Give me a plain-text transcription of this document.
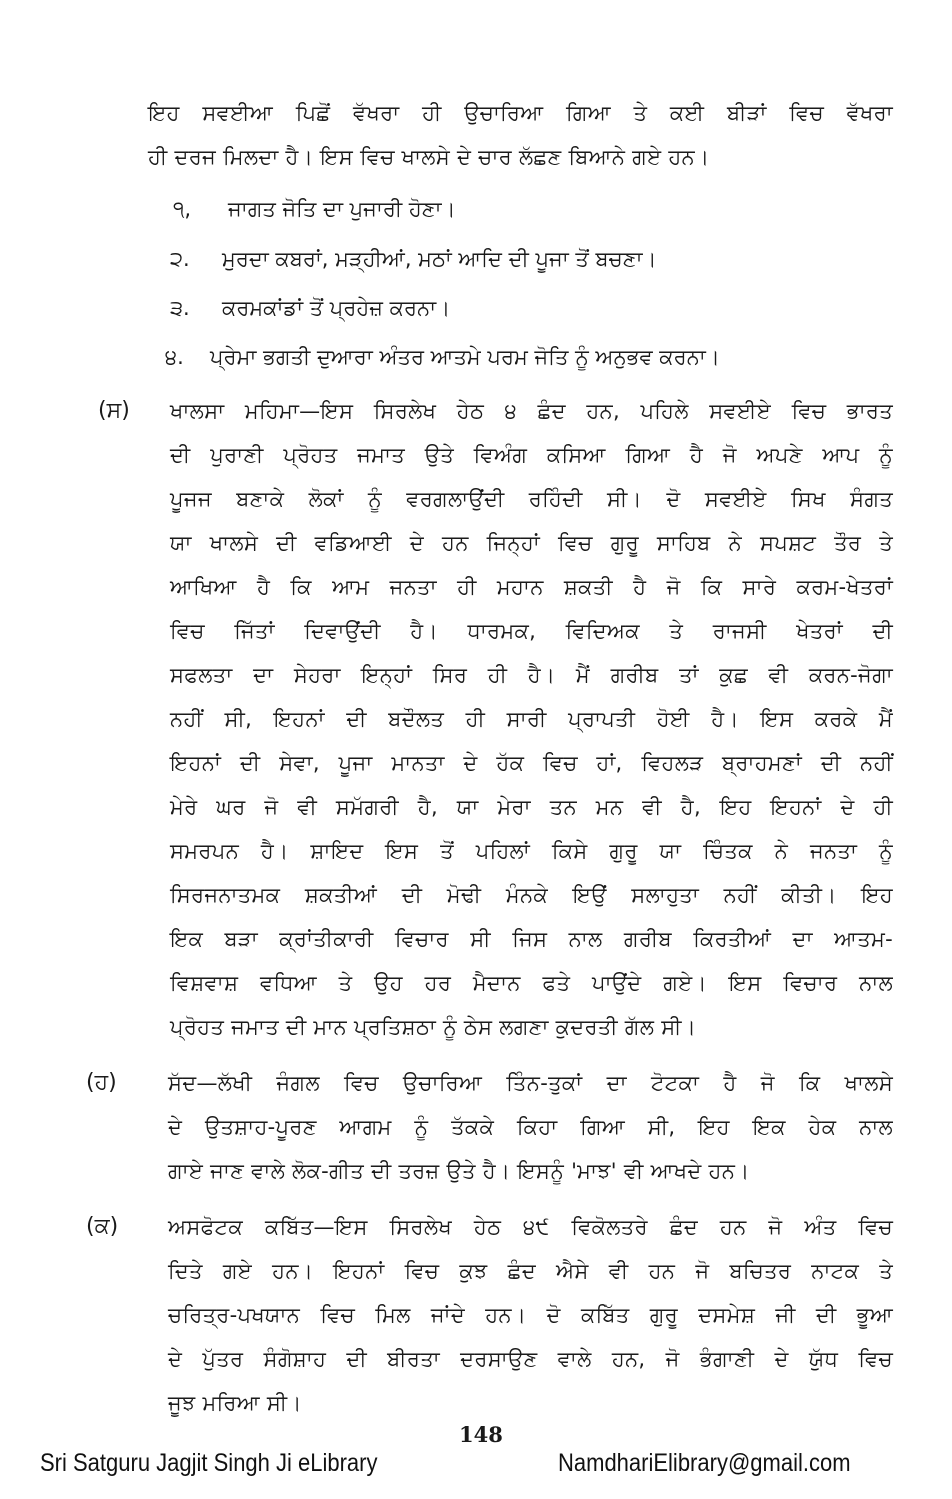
ਇਹ ਸਵਈਆ ਪਿਛੋਂ ਵੱਖਰਾ ਹੀ ਉਚਾਰਿਆ ਗਿਆ ਤੇ ਕਈ ਬੀੜਾਂ ਵਿਚ ਵੱਖਰਾ
ਹੀ ਦਰਜ ਮਿਲਦਾ ਹੈ। ਇਸ ਵਿਚ ਖਾਲਸੇ ਦੇ ਚਾਰ ਲੱਛਣ ਬਿਆਨੇ ਗਏ ਹਨ।
੧, ਜਾਗਤ ਜੋਤਿ ਦਾ ਪੁਜਾਰੀ ਹੋਣਾ।
੨. ਮੁਰਦਾ ਕਬਰਾਂ, ਮੜ੍ਹੀਆਂ, ਮਠਾਂ ਆਦਿ ਦੀ ਪੂਜਾ ਤੋਂ ਬਚਣਾ।
੩. ਕਰਮਕਾਂਡਾਂ ਤੋਂ ਪ੍ਰਹੇਜ਼ ਕਰਨਾ।
੪. ਪ੍ਰੇਮਾ ਭਗਤੀ ਦੁਆਰਾ ਅੰਤਰ ਆਤਮੇ ਪਰਮ ਜੋਤਿ ਨੂੰ ਅਨੁਭਵ ਕਰਨਾ।
(ਸ) ਖਾਲਸਾ ਮਹਿਮਾ—ਇਸ ਸਿਰਲੇਖ ਹੇਠ ੪ ਛੰਦ ਹਨ, ਪਹਿਲੇ ਸਵਈਏ ਵਿਚ ਭਾਰਤ
ਦੀ ਪੁਰਾਣੀ ਪ੍ਰੋਹਤ ਜਮਾਤ ਉਤੇ ਵਿਅੰਗ ਕਸਿਆ ਗਿਆ ਹੈ ਜੋ ਅਪਣੇ ਆਪ ਨੂੰ
ਪੂਜਜ ਬਣਾਕੇ ਲੋਕਾਂ ਨੂੰ ਵਰਗਲਾਉਂਦੀ ਰਹਿੰਦੀ ਸੀ। ਦੋ ਸਵਈਏ ਸਿਖ ਸੰਗਤ
ਯਾ ਖਾਲਸੇ ਦੀ ਵਡਿਆਈ ਦੇ ਹਨ ਜਿਨ੍ਹਾਂ ਵਿਚ ਗੁਰੂ ਸਾਹਿਬ ਨੇ ਸਪਸ਼ਟ ਤੌਰ ਤੇ
ਆਖਿਆ ਹੈ ਕਿ ਆਮ ਜਨਤਾ ਹੀ ਮਹਾਨ ਸ਼ਕਤੀ ਹੈ ਜੋ ਕਿ ਸਾਰੇ ਕਰਮ-ਖੇਤਰਾਂ
ਵਿਚ ਜਿੱਤਾਂ ਦਿਵਾਉਂਦੀ ਹੈ। ਧਾਰਮਕ, ਵਿਦਿਅਕ ਤੇ ਰਾਜਸੀ ਖੇਤਰਾਂ ਦੀ
ਸਫਲਤਾ ਦਾ ਸੇਹਰਾ ਇਨ੍ਹਾਂ ਸਿਰ ਹੀ ਹੈ। ਮੈਂ ਗਰੀਬ ਤਾਂ ਕੁਛ ਵੀ ਕਰਨ-ਜੋਗਾ
ਨਹੀਂ ਸੀ, ਇਹਨਾਂ ਦੀ ਬਦੌਲਤ ਹੀ ਸਾਰੀ ਪ੍ਰਾਪਤੀ ਹੋਈ ਹੈ। ਇਸ ਕਰਕੇ ਮੈਂ
ਇਹਨਾਂ ਦੀ ਸੇਵਾ, ਪੂਜਾ ਮਾਨਤਾ ਦੇ ਹੱਕ ਵਿਚ ਹਾਂ, ਵਿਹਲੜ ਬ੍ਰਾਹਮਣਾਂ ਦੀ ਨਹੀਂ
ਮੇਰੇ ਘਰ ਜੋ ਵੀ ਸਮੱਗਰੀ ਹੈ, ਯਾ ਮੇਰਾ ਤਨ ਮਨ ਵੀ ਹੈ, ਇਹ ਇਹਨਾਂ ਦੇ ਹੀ
ਸਮਰਪਨ ਹੈ। ਸ਼ਾਇਦ ਇਸ ਤੋਂ ਪਹਿਲਾਂ ਕਿਸੇ ਗੁਰੂ ਯਾ ਚਿੰਤਕ ਨੇ ਜਨਤਾ ਨੂੰ
ਸਿਰਜਨਾਤਮਕ ਸ਼ਕਤੀਆਂ ਦੀ ਮੋਢੀ ਮੰਨਕੇ ਇਉਂ ਸਲਾਹੁਤਾ ਨਹੀਂ ਕੀਤੀ। ਇਹ
ਇਕ ਬੜਾ ਕ੍ਰਾਂਤੀਕਾਰੀ ਵਿਚਾਰ ਸੀ ਜਿਸ ਨਾਲ ਗਰੀਬ ਕਿਰਤੀਆਂ ਦਾ ਆਤਮ-
ਵਿਸ਼ਵਾਸ਼ ਵਧਿਆ ਤੇ ਉਹ ਹਰ ਮੈਦਾਨ ਫਤੇ ਪਾਉਂਦੇ ਗਏ। ਇਸ ਵਿਚਾਰ ਨਾਲ
ਪ੍ਰੋਹਤ ਜਮਾਤ ਦੀ ਮਾਨ ਪ੍ਰਤਿਸ਼ਠਾ ਨੂੰ ਠੇਸ ਲਗਣਾ ਕੁਦਰਤੀ ਗੱਲ ਸੀ।
(ਹ) ਸੱਦ—ਲੱਖੀ ਜੰਗਲ ਵਿਚ ਉਚਾਰਿਆ ਤਿੰਨ-ਤੁਕਾਂ ਦਾ ਟੋਟਕਾ ਹੈ ਜੋ ਕਿ ਖਾਲਸੇ
ਦੇ ਉਤਸ਼ਾਹ-ਪੂਰਣ ਆਗਮ ਨੂੰ ਤੱਕਕੇ ਕਿਹਾ ਗਿਆ ਸੀ, ਇਹ ਇਕ ਹੇਕ ਨਾਲ
ਗਾਏ ਜਾਣ ਵਾਲੇ ਲੋਕ-ਗੀਤ ਦੀ ਤਰਜ਼ ਉਤੇ ਹੈ। ਇਸਨੂੰ 'ਮਾਝ' ਵੀ ਆਖਦੇ ਹਨ।
(ਕ) ਅਸਫੋਟਕ ਕਬਿੱਤ—ਇਸ ਸਿਰਲੇਖ ਹੇਠ ੪੯ ਵਿਕੋਲਤਰੇ ਛੰਦ ਹਨ ਜੋ ਅੰਤ ਵਿਚ
ਦਿਤੇ ਗਏ ਹਨ। ਇਹਨਾਂ ਵਿਚ ਕੁਝ ਛੰਦ ਐਸੇ ਵੀ ਹਨ ਜੋ ਬਚਿਤਰ ਨਾਟਕ ਤੇ
ਚਰਿਤ੍ਰ-ਪਖਯਾਨ ਵਿਚ ਮਿਲ ਜਾਂਦੇ ਹਨ। ਦੋ ਕਬਿੱਤ ਗੁਰੂ ਦਸਮੇਸ਼ ਜੀ ਦੀ ਭੂਆ
ਦੇ ਪੁੱਤਰ ਸੰਗੋਸ਼ਾਹ ਦੀ ਬੀਰਤਾ ਦਰਸਾਉਣ ਵਾਲੇ ਹਨ, ਜੋ ਭੰਗਾਣੀ ਦੇ ਯੁੱਧ ਵਿਚ
ਜੂਝ ਮਰਿਆ ਸੀ।
148
Sri Satguru Jagjit Singh Ji eLibrary	NamdhariElibrary@gmail.com
